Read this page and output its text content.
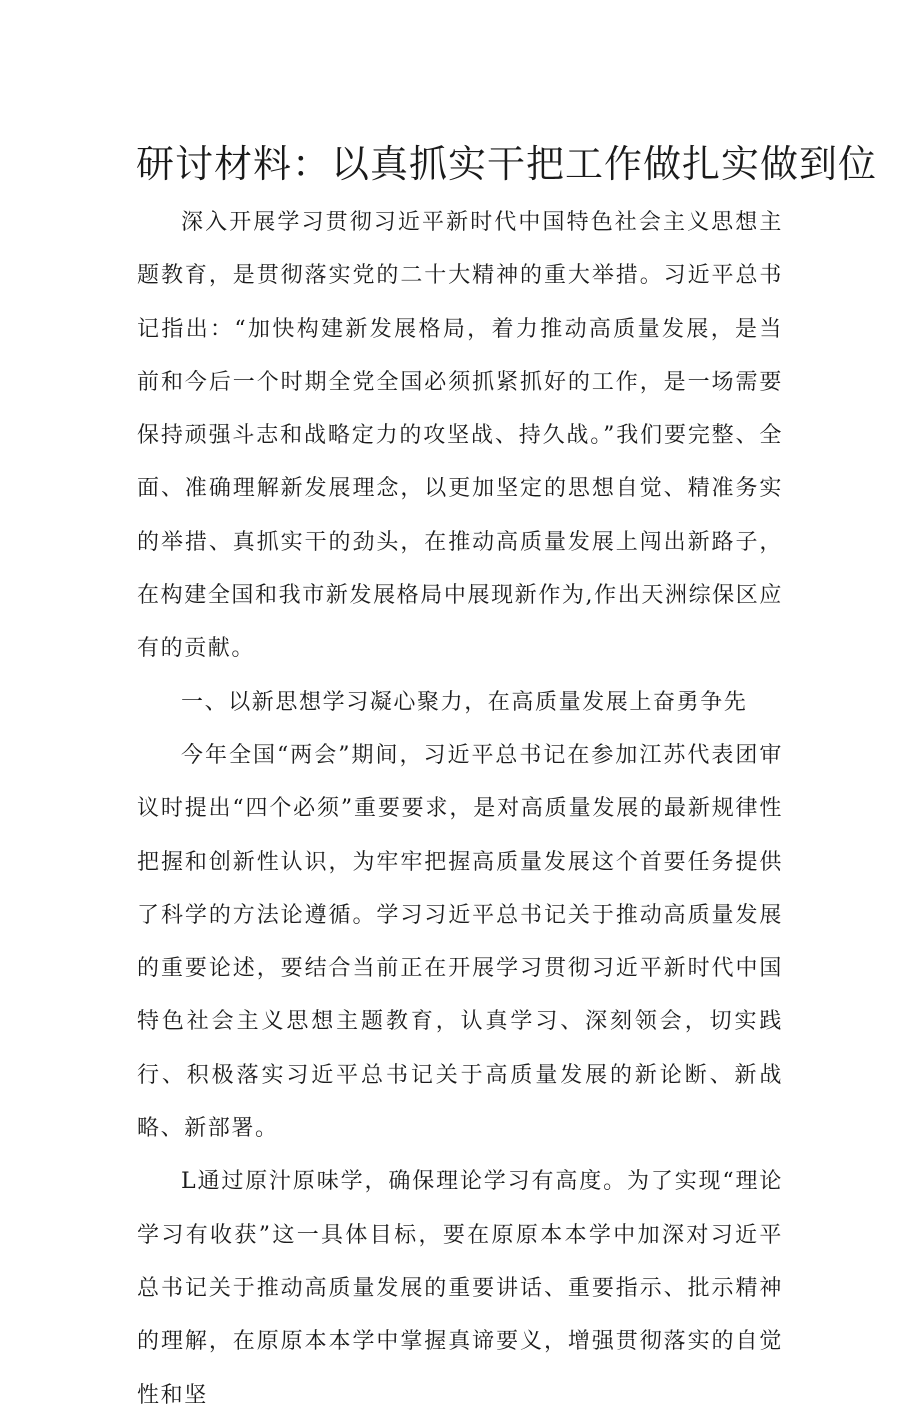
研讨材料：以真抓实干把工作做扎实做到位

深入开展学习贯彻习近平新时代中国特色社会主义思想主题教育，是贯彻落实党的二十大精神的重大举措。习近平总书记指出：“加快构建新发展格局，着力推动高质量发展，是当前和今后一个时期全党全国必须抓紧抓好的工作，是一场需要保持顽强斗志和战略定力的攻坚战、持久战。”我们要完整、全面、准确理解新发展理念，以更加坚定的思想自觉、精准务实的举措、真抓实干的劲头，在推动高质量发展上闯出新路子，在构建全国和我市新发展格局中展现新作为,作出天洲综保区应有的贡献。

一、以新思想学习凝心聚力，在高质量发展上奋勇争先

今年全国“两会”期间，习近平总书记在参加江苏代表团审议时提出“四个必须”重要要求，是对高质量发展的最新规律性把握和创新性认识，为牢牢把握高质量发展这个首要任务提供了科学的方法论遵循。学习习近平总书记关于推动高质量发展的重要论述，要结合当前正在开展学习贯彻习近平新时代中国特色社会主义思想主题教育，认真学习、深刻领会，切实践行、积极落实习近平总书记关于高质量发展的新论断、新战略、新部署。

L通过原汁原味学，确保理论学习有高度。为了实现“理论学习有收获”这一具体目标，要在原原本本学中加深对习近平总书记关于推动高质量发展的重要讲话、重要指示、批示精神的理解，在原原本本学中掌握真谛要义，增强贯彻落实的自觉性和坚
